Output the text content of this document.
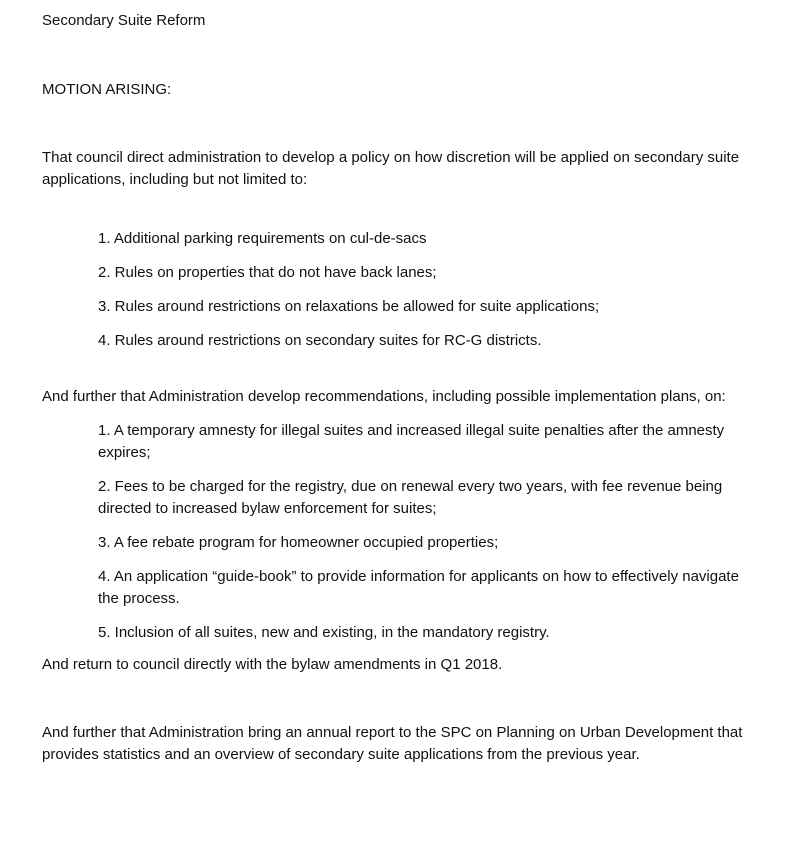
Secondary Suite Reform

MOTION ARISING:

That council direct administration to develop a policy on how discretion will be applied on secondary suite applications, including but not limited to:

1. Additional parking requirements on cul-de-sacs
2. Rules on properties that do not have back lanes;
3. Rules around restrictions on relaxations be allowed for suite applications;
4. Rules around restrictions on secondary suites for RC-G districts.

And further that Administration develop recommendations, including possible implementation plans, on:

1. A temporary amnesty for illegal suites and increased illegal suite penalties after the amnesty expires;
2. Fees to be charged for the registry, due on renewal every two years, with fee revenue being directed to increased bylaw enforcement for suites;
3. A fee rebate program for homeowner occupied properties;
4. An application “guide-book” to provide information for applicants on how to effectively navigate the process.
5. Inclusion of all suites, new and existing, in the mandatory registry.

And return to council directly with the bylaw amendments in Q1 2018.

And further that Administration bring an annual report to the SPC on Planning on Urban Development that provides statistics and an overview of secondary suite applications from the previous year.
